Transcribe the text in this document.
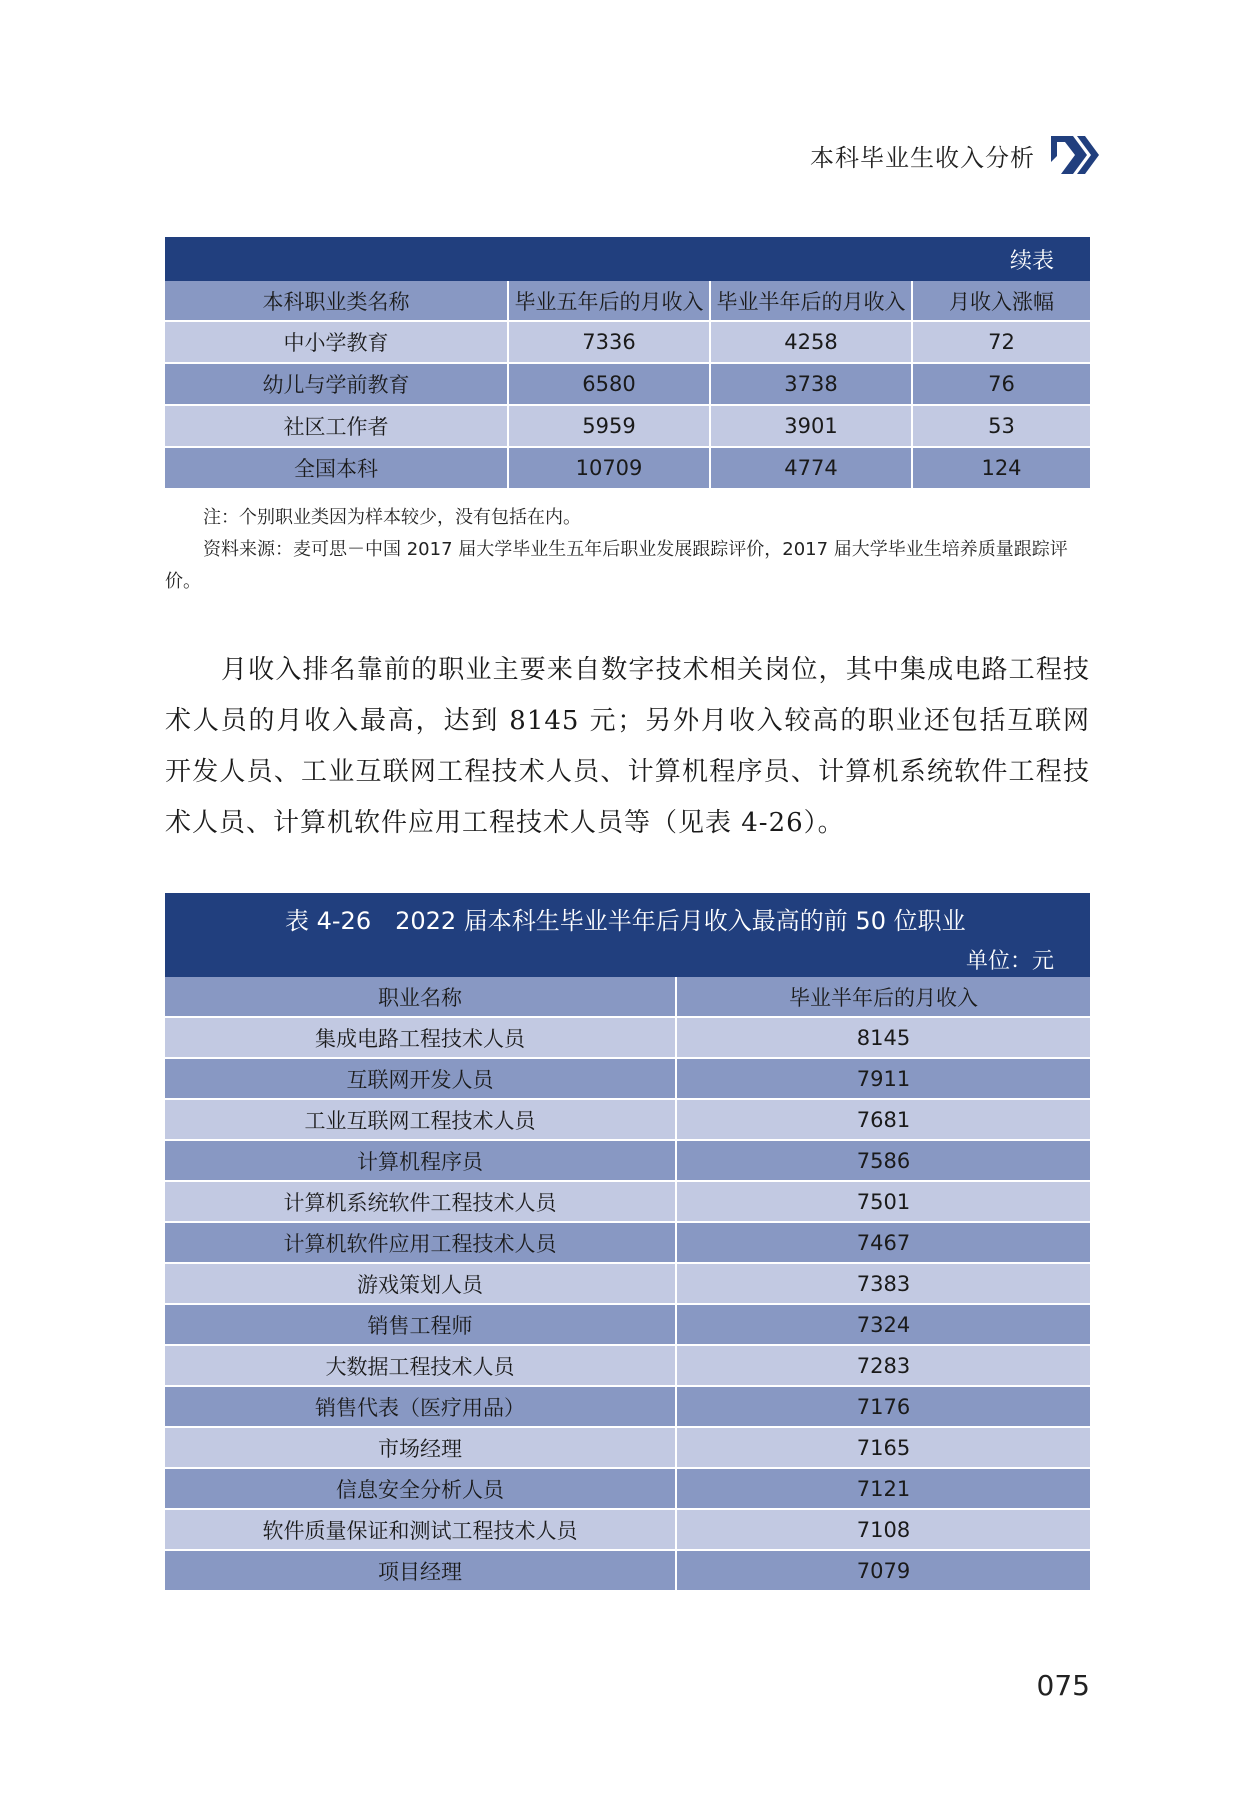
本科毕业生收入分析
续表			
本科职业类名称	毕业五年后的月收入	毕业半年后的月收入	月收入涨幅
中小学教育	7336	4258	72
幼儿与学前教育	6580	3738	76
社区工作者	5959	3901	53
全国本科	10709	4774	124
注：个别职业类因为样本较少，没有包括在内。
资料来源：麦可思－中国 2017 届大学毕业生五年后职业发展跟踪评价，2017 届大学毕业生培养质量跟踪评价。
月收入排名靠前的职业主要来自数字技术相关岗位，其中集成电路工程技术人员的月收入最高，达到 8145 元；另外月收入较高的职业还包括互联网开发人员、工业互联网工程技术人员、计算机程序员、计算机系统软件工程技术人员、计算机软件应用工程技术人员等（见表 4-26）。
表 4-26　2022 届本科生毕业半年后月收入最高的前 50 位职业
单位：元	

职业名称	毕业半年后的月收入
集成电路工程技术人员	8145
互联网开发人员	7911
工业互联网工程技术人员	7681
计算机程序员	7586
计算机系统软件工程技术人员	7501
计算机软件应用工程技术人员	7467
游戏策划人员	7383
销售工程师	7324
大数据工程技术人员	7283
销售代表（医疗用品）	7176
市场经理	7165
信息安全分析人员	7121
软件质量保证和测试工程技术人员	7108
项目经理	7079
075
